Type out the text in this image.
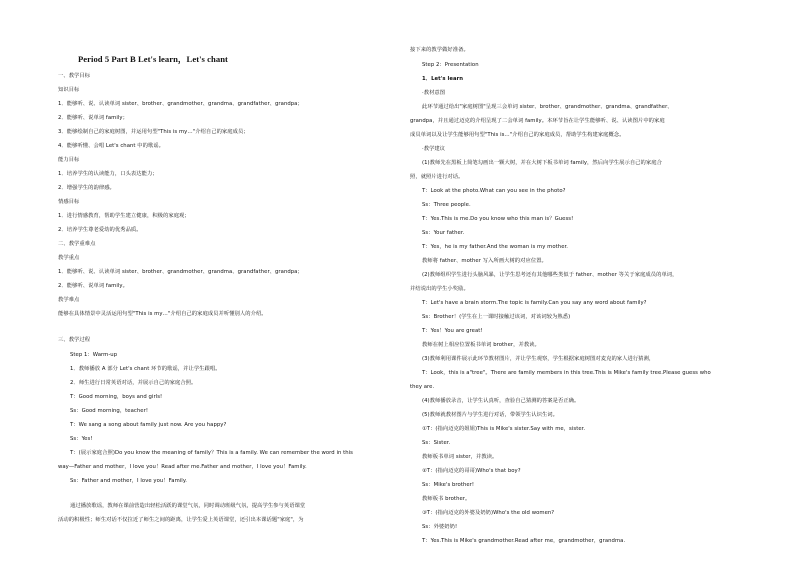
Period 5 Part B Let's learn，Let's chant
一、教学目标
知识目标
1．能够听、说、认读单词 sister、brother、grandmother、grandma、grandfather、grandpa；
2．能够听、说单词 family；
3．能够绘制自己的家庭树图，并运用句型"This is my…"介绍自己的家庭成员；
4．能够听懂、会唱 Let's chant 中的歌谣。
能力目标
1．培养学生的认读能力，口头表达能力；
2．增强学生的韵律感。
情感目标
1．进行情感教育，帮助学生建立健康，积极的家庭观；
2．培养学生尊老爱幼的优秀品质。
二、教学重难点
教学重点
1．能够听、说、认读单词 sister、brother、grandmother、grandma、grandfather、grandpa；
2．能够听、说单词 family。
教学难点
能够在具体情景中灵活运用句型"This is my…"介绍自己的家庭成员并听懂别人的介绍。
三、教学过程
Step 1：Warm-up
1．教师播放 A 部分 Let's chant 环节的歌谣，并让学生跟唱。
2．师生进行日常英语对话，并展示自己的家庭合照。
T：Good morning，boys and girls!
Ss：Good morning，teacher!
T：We sang a song about family just now. Are you happy?
Ss：Yes!
T：(展示家庭合照)Do you know the meaning of family？This is a family. We can remember the word in this
way—Father and mother，I love you！Read after me.Father and mother，I love you！Family.
Ss：Father and mother，I love you！Family.
通过播放歌谣，教师在课前营造出轻松活跃的课堂气氛，同时调动班级气氛，提高学生参与英语课堂
活动的积极性；师生对话不仅拉近了师生之间的距离，让学生爱上英语课堂，还引出本课话题"家庭"，为
接下来的教学做好准备。
Step 2：Presentation
1．Let's learn
·教材意图
此环节通过给出"家庭树图"呈现三会单词 sister、brother、grandmother、grandma、grandfather、
grandpa，并且通过迈克的介绍呈现了二会单词 family。本环节旨在让学生能够听、说、认读图片中的家庭
成员单词以及让学生能够用句型"This is…"介绍自己的家庭成员，帮助学生构建家庭概念。
·教学建议
(1)教师先在黑板上简笔勾画出一颗大树，并在大树下板书单词 family，然后向学生展示自己的家庭合
照，就照片进行对话。
T：Look at the photo.What can you see in the photo?
Ss：Three people.
T：Yes.This is me.Do you know who this man is？Guess!
Ss：Your father.
T：Yes，he is my father.And the woman is my mother.
教师将 father、mother 写入所画大树的对应位置。
(2)教师组织学生进行头脑风暴，让学生思考还有其他哪些类似于 father、mother 等关于家庭成员的单词，
并结说出的学生小奖励。
T：Let's have a brain storm.The topic is family.Can you say any word about family?
Ss：Brother！(学生在上一课时接触过该词，对该词较为熟悉)
T：Yes！You are great!
教师在树上相应位置板书单词 brother，并教读。
(3)教师利用课件展示此环节教材图片，并让学生观察，学生根据家庭树图对麦克的家人进行猜测，
T：Look，this is a"tree"。There are family members in this tree.This is Mike's family tree.Please guess who
they are.
(4)教师播放录音，让学生认真听，查验自己猜测的答案是否正确。
(5)教师就教材图片与学生进行对话，带领学生认识生词。
①T：(指向迈克的姐姐)This is Mike's sister.Say with me，sister.
Ss：Sister.
教师板书单词 sister，并教读。
②T：(指向迈克的哥哥)Who's that boy?
Ss：Mike's brother!
教师板书 brother。
③T：(指向迈克的外婆及奶奶)Who's the old women?
Ss：外婆奶奶!
T：Yes.This is Mike's grandmother.Read after me，grandmother，grandma.
